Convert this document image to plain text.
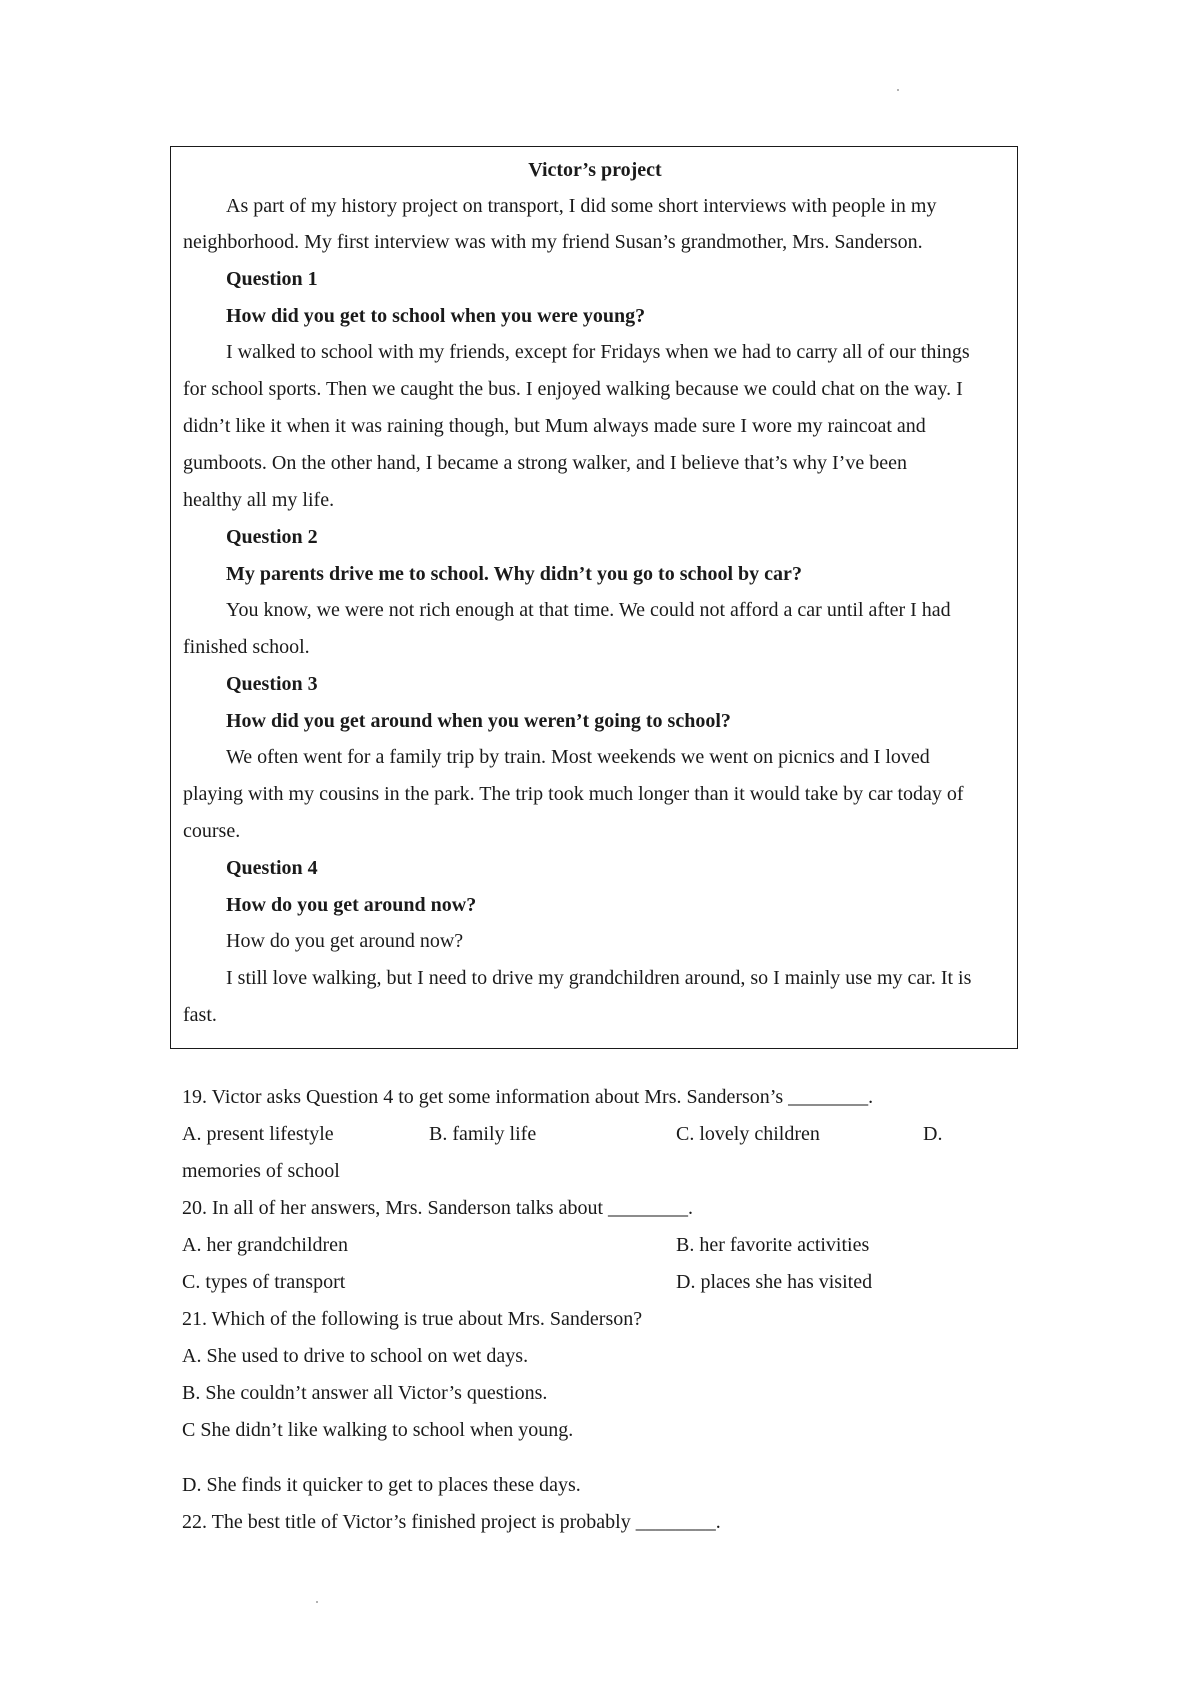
Victor’s project
As part of my history project on transport, I did some short interviews with people in my
neighborhood. My first interview was with my friend Susan’s grandmother, Mrs. Sanderson.
Question 1
How did you get to school when you were young?
I walked to school with my friends, except for Fridays when we had to carry all of our things
for school sports. Then we caught the bus. I enjoyed walking because we could chat on the way. I
didn’t like it when it was raining though, but Mum always made sure I wore my raincoat and
gumboots. On the other hand, I became a strong walker, and I believe that’s why I’ve been
healthy all my life.
Question 2
My parents drive me to school. Why didn’t you go to school by car?
You know, we were not rich enough at that time. We could not afford a car until after I had
finished school.
Question 3
How did you get around when you weren’t going to school?
We often went for a family trip by train. Most weekends we went on picnics and I loved
playing with my cousins in the park. The trip took much longer than it would take by car today of
course.
Question 4
How do you get around now?
How do you get around now?
I still love walking, but I need to drive my grandchildren around, so I mainly use my car. It is
fast.
19. Victor asks Question 4 to get some information about Mrs. Sanderson’s ________.
A. present lifestyle	B. family life	C. lovely children	D.
memories of school
20. In all of her answers, Mrs. Sanderson talks about ________.
A. her grandchildren	B. her favorite activities
C. types of transport	D. places she has visited
21. Which of the following is true about Mrs. Sanderson?
A. She used to drive to school on wet days.
B. She couldn’t answer all Victor’s questions.
C She didn’t like walking to school when young.
D. She finds it quicker to get to places these days.
22. The best title of Victor’s finished project is probably ________.
